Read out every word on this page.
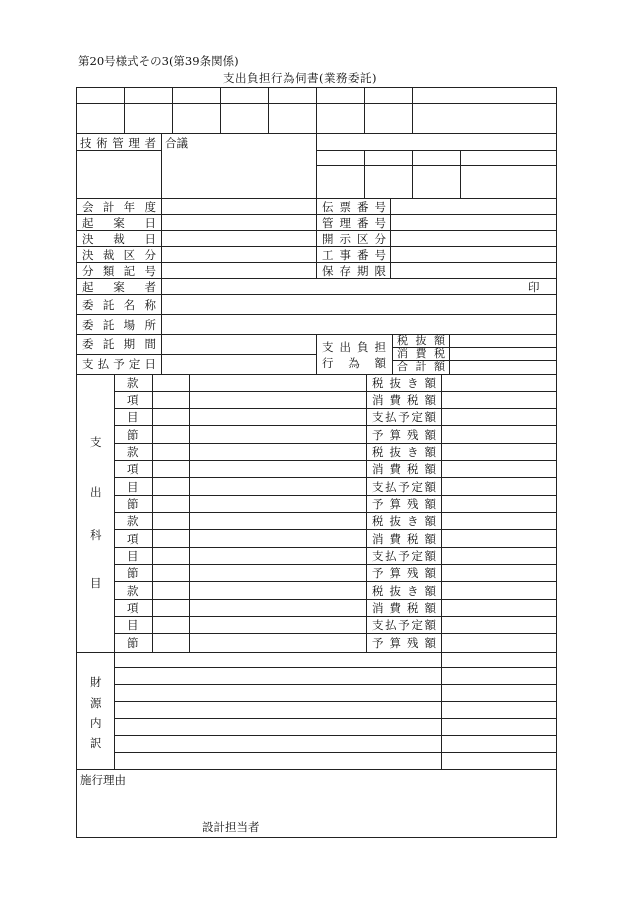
第20号様式その3(第39条関係)
支出負担行為伺書(業務委託)
技術管理者 合議
会計年度
起案日
決裁日
決裁区分
分類記号
伝票番号
管理番号
開示区分
工事番号
保存期限
起案者	印
委託名称
委託場所
委託期間
支払予定日
支出負担
行為額
税抜額
消費税
合計額
支
出
科
目
款
項
目
節
款
項
目
節
款
項
目
節
款
項
目
節
税抜き額
消費税額
支払予定額
予算残額
税抜き額
消費税額
支払予定額
予算残額
税抜き額
消費税額
支払予定額
予算残額
税抜き額
消費税額
支払予定額
予算残額
財
源
内
訳
施行理由
設計担当者
